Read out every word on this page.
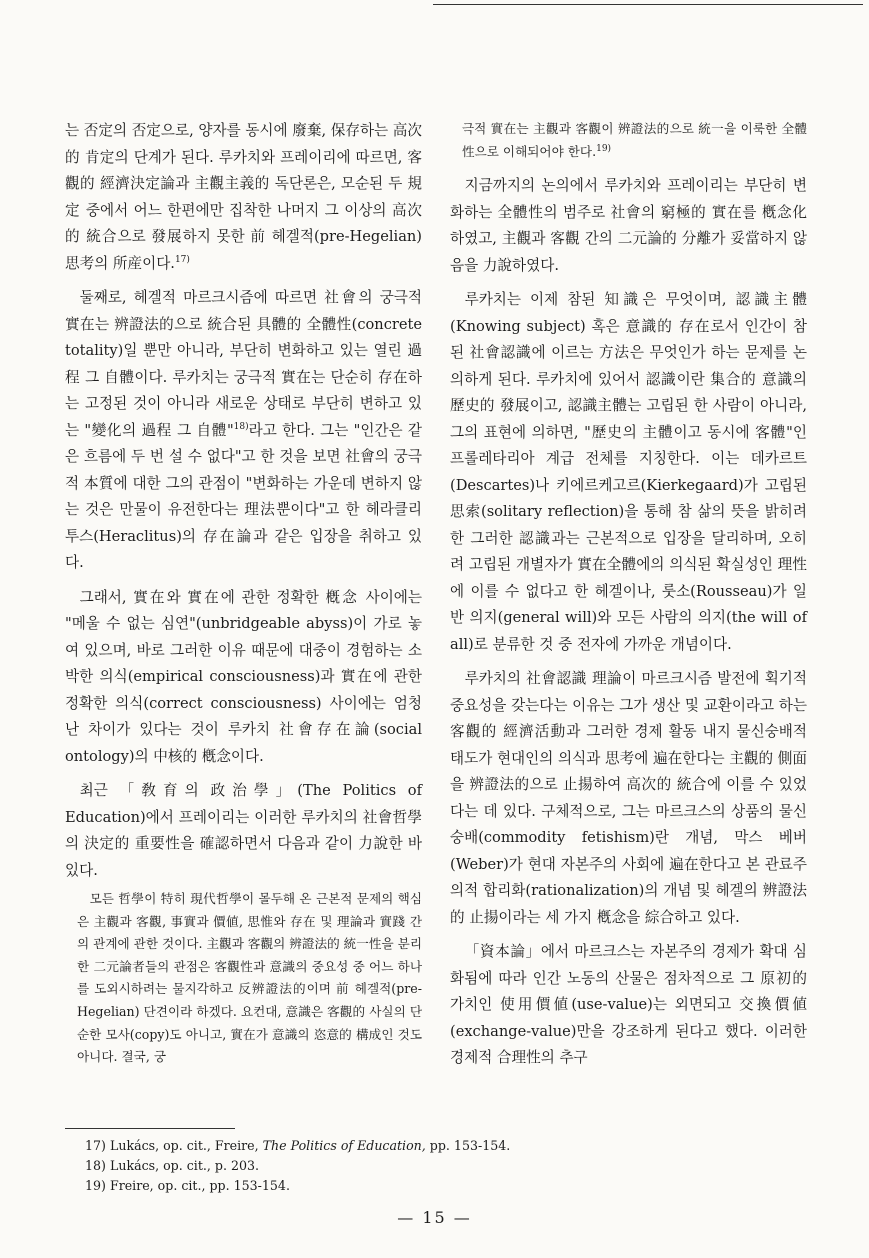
는 否定의 否定으로, 양자를 동시에 廢棄, 保存하는 高次的 肯定의 단계가 된다. 루카치와 프레이리에 따르면, 客觀的 經濟決定論과 主觀主義的 독단론은, 모순된 두 規定 중에서 어느 한편에만 집착한 나머지 그 이상의 高次的 統合으로 發展하지 못한 前 헤겔적(pre-Hegelian)思考의 所産이다.$^{17)}$

둘째로, 헤겔적 마르크시즘에 따르면 社會의 궁극적 實在는 辨證法的으로 統合된 具體的 全體性(concrete totality)일 뿐만 아니라, 부단히 변화하고 있는 열린 過程 그 自體이다. 루카치는 궁극적 實在는 단순히 存在하는 고정된 것이 아니라 새로운 상태로 부단히 변하고 있는 "變化의 過程 그 自體"$^{18)}$라고 한다. 그는 "인간은 같은 흐름에 두 번 설 수 없다"고 한 것을 보면 社會의 궁극적 本質에 대한 그의 관점이 "변화하는 가운데 변하지 않는 것은 만물이 유전한다는 理法뿐이다"고 한 헤라클리투스(Heraclitus)의 存在論과 같은 입장을 취하고 있다.

그래서, 實在와 實在에 관한 정확한 槪念 사이에는 "메울 수 없는 심연"(unbridgeable abyss)이 가로 놓여 있으며, 바로 그러한 이유 때문에 대중이 경험하는 소박한 의식(empirical consciousness)과 實在에 관한 정확한 의식(correct consciousness) 사이에는 엄청난 차이가 있다는 것이 루카치 社會存在論(social ontology)의 中核的 槪念이다.

최근 「敎育의 政治學」(The Politics of Education)에서 프레이리는 이러한 루카치의 社會哲學의 決定的 重要性을 確認하면서 다음과 같이 力說한 바 있다.

모든 哲學이 特히 現代哲學이 몰두해 온 근본적 문제의 핵심은 主觀과 客觀, 事實과 價値, 思惟와 存在 및 理論과 實踐 간의 관계에 관한 것이다. 主觀과 客觀의 辨證法的 統一性을 분리한 二元論者들의 관점은 客觀性과 意識의 중요성 중 어느 하나를 도외시하려는 물지각하고 反辨證法的이며 前 헤겔적(pre-Hegelian) 단견이라 하겠다. 요컨대, 意識은 客觀的 사실의 단순한 모사(copy)도 아니고, 實在가 意識의 恣意的 構成인 것도 아니다. 결국, 궁

극적 實在는 主觀과 客觀이 辨證法的으로 統一을 이룩한 全體性으로 이해되어야 한다.$^{19)}$

지금까지의 논의에서 루카치와 프레이리는 부단히 변화하는 全體性의 범주로 社會의 窮極的 實在를 槪念化하였고, 主觀과 客觀 간의 二元論的 分離가 妥當하지 않음을 力說하였다.

루카치는 이제 참된 知識은 무엇이며, 認識主體(Knowing subject) 혹은 意識的 存在로서 인간이 참된 社會認識에 이르는 方法은 무엇인가 하는 문제를 논의하게 된다. 루카치에 있어서 認識이란 集合的 意識의 歷史的 發展이고, 認識主體는 고립된 한 사람이 아니라, 그의 표현에 의하면, "歷史의 主體이고 동시에 客體"인 프롤레타리아 계급 전체를 지칭한다. 이는 데카르트(Descartes)나 키에르케고르(Kierkegaard)가 고립된 思索(solitary reflection)을 통해 참 삶의 뜻을 밝히려 한 그러한 認識과는 근본적으로 입장을 달리하며, 오히려 고립된 개별자가 實在全體에의 의식된 확실성인 理性에 이를 수 없다고 한 헤겔이나, 룻소(Rousseau)가 일반 의지(general will)와 모든 사람의 의지(the will of all)로 분류한 것 중 전자에 가까운 개념이다.

루카치의 社會認識 理論이 마르크시즘 발전에 획기적 중요성을 갖는다는 이유는 그가 생산 및 교환이라고 하는 客觀的 經濟活動과 그러한 경제 활동 내지 물신숭배적 태도가 현대인의 의식과 思考에 遍在한다는 主觀的 側面을 辨證法的으로 止揚하여 高次的 統合에 이를 수 있었다는 데 있다. 구체적으로, 그는 마르크스의 상품의 물신숭배(commodity fetishism)란 개념, 막스 베버(Weber)가 현대 자본주의 사회에 遍在한다고 본 관료주의적 합리화(rationalization)의 개념 및 헤겔의 辨證法的 止揚이라는 세 가지 槪念을 綜合하고 있다.

「資本論」에서 마르크스는 자본주의 경제가 확대 심화됨에 따라 인간 노동의 산물은 점차적으로 그 原初的 가치인 使用價値(use-value)는 외면되고 交換價値(exchange-value)만을 강조하게 된다고 했다. 이러한 경제적 合理性의 추구

17) Lukács, op. cit., Freire, The Politics of Education, pp. 153-154.
18) Lukács, op. cit., p. 203.
19) Freire, op. cit., pp. 153-154.
— 15 —
